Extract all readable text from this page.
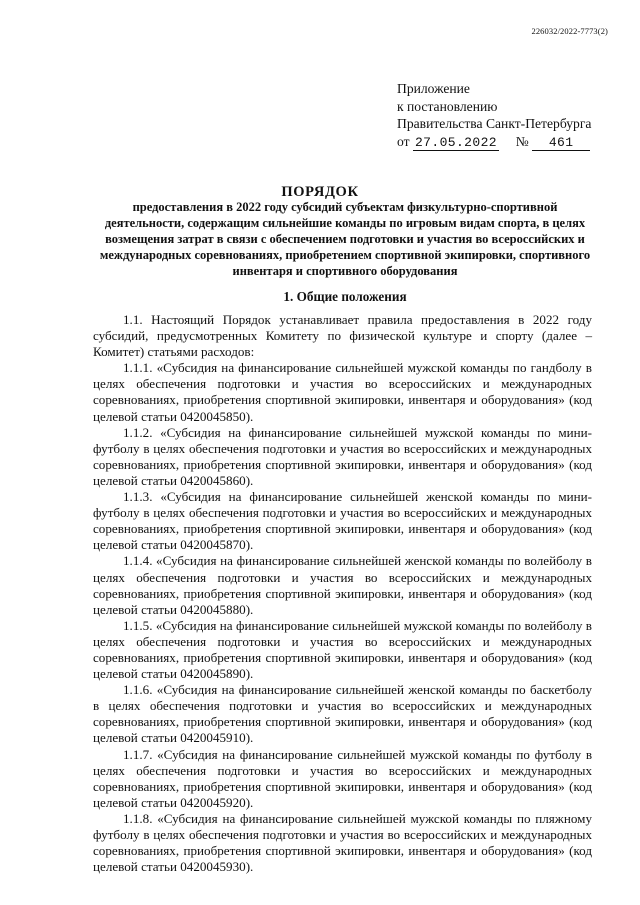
226032/2022-7773(2)
Приложение
к постановлению
Правительства Санкт-Петербурга
от 27.05.2022 № 461
ПОРЯДОК
предоставления в 2022 году субсидий субъектам физкультурно-спортивной деятельности, содержащим сильнейшие команды по игровым видам спорта, в целях возмещения затрат в связи с обеспечением подготовки и участия во всероссийских и международных соревнованиях, приобретением спортивной экипировки, спортивного инвентаря и спортивного оборудования
1. Общие положения

1.1. Настоящий Порядок устанавливает правила предоставления в 2022 году субсидий, предусмотренных Комитету по физической культуре и спорту (далее – Комитет) статьями расходов:

1.1.1. «Субсидия на финансирование сильнейшей мужской команды по гандболу в целях обеспечения подготовки и участия во всероссийских и международных соревнованиях, приобретения спортивной экипировки, инвентаря и оборудования» (код целевой статьи 0420045850).

1.1.2. «Субсидия на финансирование сильнейшей мужской команды по мини-футболу в целях обеспечения подготовки и участия во всероссийских и международных соревнованиях, приобретения спортивной экипировки, инвентаря и оборудования» (код целевой статьи 0420045860).

1.1.3. «Субсидия на финансирование сильнейшей женской команды по мини-футболу в целях обеспечения подготовки и участия во всероссийских и международных соревнованиях, приобретения спортивной экипировки, инвентаря и оборудования» (код целевой статьи 0420045870).

1.1.4. «Субсидия на финансирование сильнейшей женской команды по волейболу в целях обеспечения подготовки и участия во всероссийских и международных соревнованиях, приобретения спортивной экипировки, инвентаря и оборудования» (код целевой статьи 0420045880).

1.1.5. «Субсидия на финансирование сильнейшей мужской команды по волейболу в целях обеспечения подготовки и участия во всероссийских и международных соревнованиях, приобретения спортивной экипировки, инвентаря и оборудования» (код целевой статьи 0420045890).

1.1.6. «Субсидия на финансирование сильнейшей женской команды по баскетболу в целях обеспечения подготовки и участия во всероссийских и международных соревнованиях, приобретения спортивной экипировки, инвентаря и оборудования» (код целевой статьи 0420045910).

1.1.7. «Субсидия на финансирование сильнейшей мужской команды по футболу в целях обеспечения подготовки и участия во всероссийских и международных соревнованиях, приобретения спортивной экипировки, инвентаря и оборудования» (код целевой статьи 0420045920).

1.1.8. «Субсидия на финансирование сильнейшей мужской команды по пляжному футболу в целях обеспечения подготовки и участия во всероссийских и международных соревнованиях, приобретения спортивной экипировки, инвентаря и оборудования» (код целевой статьи 0420045930).
